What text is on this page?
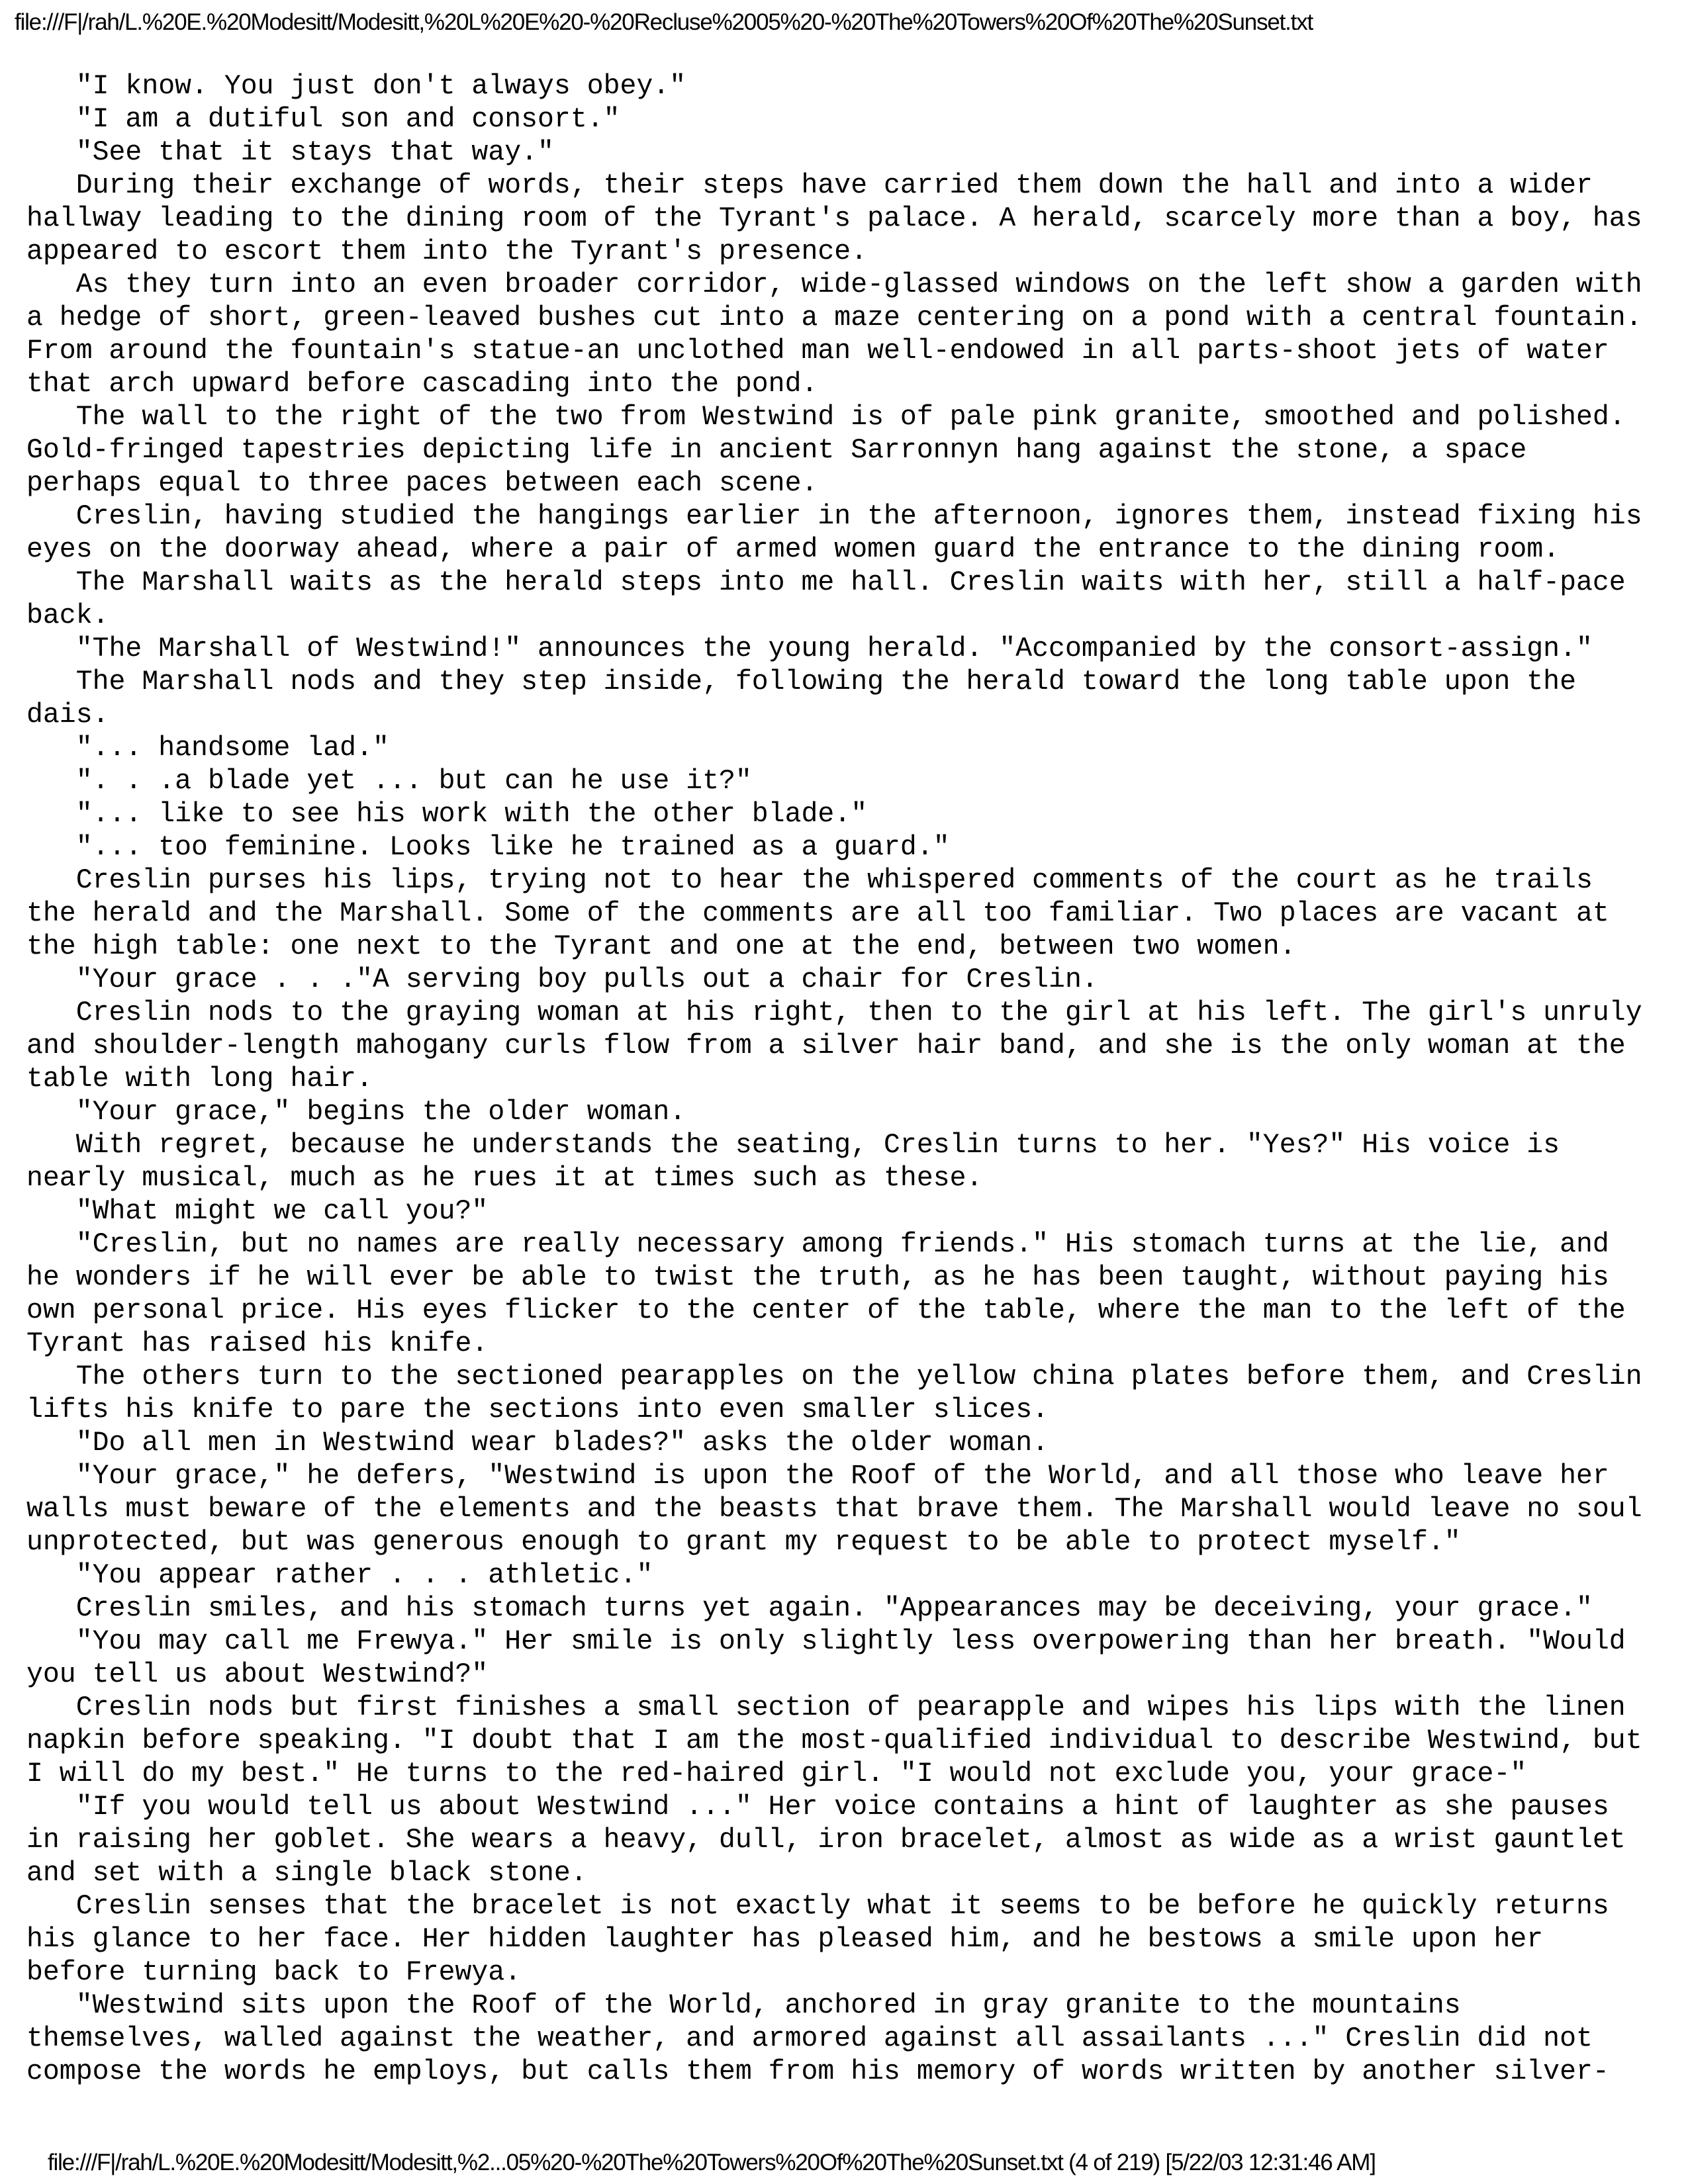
file:///F|/rah/L.%20E.%20Modesitt/Modesitt,%20L%20E%20-%20Recluse%2005%20-%20The%20Towers%20Of%20The%20Sunset.txt
"I know. You just don't always obey."
"I am a dutiful son and consort."
"See that it stays that way."
During their exchange of words, their steps have carried them down the hall and into a wider
hallway leading to the dining room of the Tyrant's palace. A herald, scarcely more than a boy, has
appeared to escort them into the Tyrant's presence.
As they turn into an even broader corridor, wide-glassed windows on the left show a garden with
a hedge of short, green-leaved bushes cut into a maze centering on a pond with a central fountain.
From around the fountain's statue-an unclothed man well-endowed in all parts-shoot jets of water
that arch upward before cascading into the pond.
The wall to the right of the two from Westwind is of pale pink granite, smoothed and polished.
Gold-fringed tapestries depicting life in ancient Sarronnyn hang against the stone, a space
perhaps equal to three paces between each scene.
Creslin, having studied the hangings earlier in the afternoon, ignores them, instead fixing his
eyes on the doorway ahead, where a pair of armed women guard the entrance to the dining room.
The Marshall waits as the herald steps into me hall. Creslin waits with her, still a half-pace
back.
"The Marshall of Westwind!" announces the young herald. "Accompanied by the consort-assign."
The Marshall nods and they step inside, following the herald toward the long table upon the
dais.
"... handsome lad."
". . .a blade yet ... but can he use it?"
"... like to see his work with the other blade."
"... too feminine. Looks like he trained as a guard."
Creslin purses his lips, trying not to hear the whispered comments of the court as he trails
the herald and the Marshall. Some of the comments are all too familiar. Two places are vacant at
the high table: one next to the Tyrant and one at the end, between two women.
"Your grace . . ."A serving boy pulls out a chair for Creslin.
Creslin nods to the graying woman at his right, then to the girl at his left. The girl's unruly
and shoulder-length mahogany curls flow from a silver hair band, and she is the only woman at the
table with long hair.
"Your grace," begins the older woman.
With regret, because he understands the seating, Creslin turns to her. "Yes?" His voice is
nearly musical, much as he rues it at times such as these.
"What might we call you?"
"Creslin, but no names are really necessary among friends." His stomach turns at the lie, and
he wonders if he will ever be able to twist the truth, as he has been taught, without paying his
own personal price. His eyes flicker to the center of the table, where the man to the left of the
Tyrant has raised his knife.
The others turn to the sectioned pearapples on the yellow china plates before them, and Creslin
lifts his knife to pare the sections into even smaller slices.
"Do all men in Westwind wear blades?" asks the older woman.
"Your grace," he defers, "Westwind is upon the Roof of the World, and all those who leave her
walls must beware of the elements and the beasts that brave them. The Marshall would leave no soul
unprotected, but was generous enough to grant my request to be able to protect myself."
"You appear rather . . . athletic."
Creslin smiles, and his stomach turns yet again. "Appearances may be deceiving, your grace."
"You may call me Frewya." Her smile is only slightly less overpowering than her breath. "Would
you tell us about Westwind?"
Creslin nods but first finishes a small section of pearapple and wipes his lips with the linen
napkin before speaking. "I doubt that I am the most-qualified individual to describe Westwind, but
I will do my best." He turns to the red-haired girl. "I would not exclude you, your grace-"
"If you would tell us about Westwind ..." Her voice contains a hint of laughter as she pauses
in raising her goblet. She wears a heavy, dull, iron bracelet, almost as wide as a wrist gauntlet
and set with a single black stone.
Creslin senses that the bracelet is not exactly what it seems to be before he quickly returns
his glance to her face. Her hidden laughter has pleased him, and he bestows a smile upon her
before turning back to Frewya.
"Westwind sits upon the Roof of the World, anchored in gray granite to the mountains
themselves, walled against the weather, and armored against all assailants ..." Creslin did not
compose the words he employs, but calls them from his memory of words written by another silver-
file:///F|/rah/L.%20E.%20Modesitt/Modesitt,%2...05%20-%20The%20Towers%20Of%20The%20Sunset.txt (4 of 219) [5/22/03 12:31:46 AM]
